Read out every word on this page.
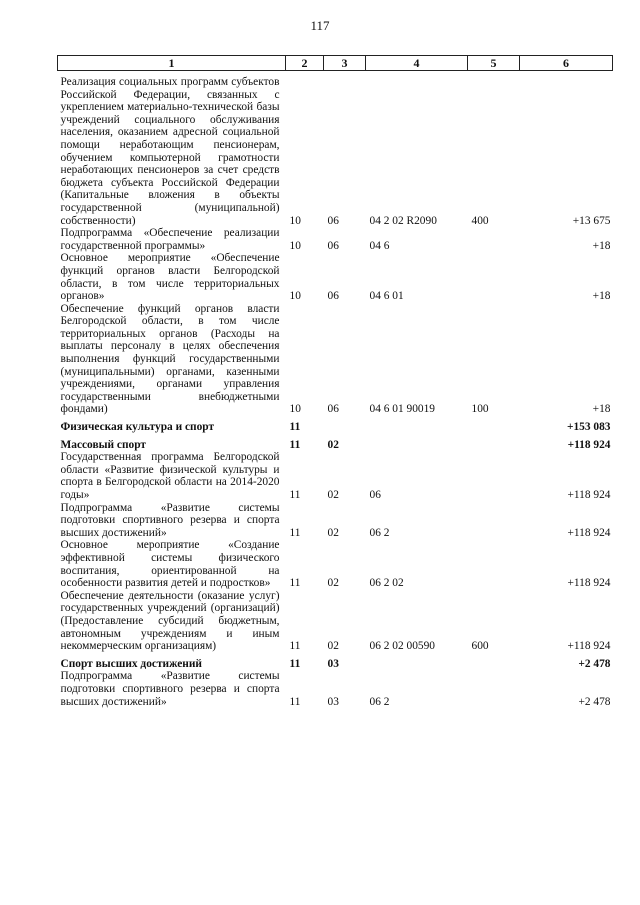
117
1	2	3	4	5	6
Реализация социальных программ субъектов Российской Федерации, связанных с укреплением материально-технической базы учреждений социального обслуживания населения, оказанием адресной социальной помощи неработающим пенсионерам, обучением компьютерной грамотности неработающих пенсионеров за счет средств бюджета субъекта Российской Федерации (Капитальные вложения в объекты государственной (муниципальной) собственности)	10	06	04 2 02 R2090	400	+13 675
Подпрограмма «Обеспечение реализации государственной программы»	10	06	04 6		+18
Основное мероприятие «Обеспечение функций органов власти Белгородской области, в том числе территориальных органов»	10	06	04 6 01		+18
Обеспечение функций органов власти Белгородской области, в том числе территориальных органов (Расходы на выплаты персоналу в целях обеспечения выполнения функций государственными (муниципальными) органами, казенными учреждениями, органами управления государственными внебюджетными фондами)	10	06	04 6 01 90019	100	+18
Физическая культура и спорт	11				+153 083
Массовый спорт	11	02			+118 924
Государственная программа Белгородской области «Развитие физической культуры и спорта в Белгородской области на 2014-2020 годы»	11	02	06		+118 924
Подпрограмма «Развитие системы подготовки спортивного резерва и спорта высших достижений»	11	02	06 2		+118 924
Основное мероприятие «Создание эффективной системы физического воспитания, ориентированной на особенности развития детей и подростков»	11	02	06 2 02		+118 924
Обеспечение деятельности (оказание услуг) государственных учреждений (организаций) (Предоставление субсидий бюджетным, автономным учреждениям и иным некоммерческим организациям)	11	02	06 2 02 00590	600	+118 924
Спорт высших достижений	11	03			+2 478
Подпрограмма «Развитие системы подготовки спортивного резерва и спорта высших достижений»	11	03	06 2		+2 478
